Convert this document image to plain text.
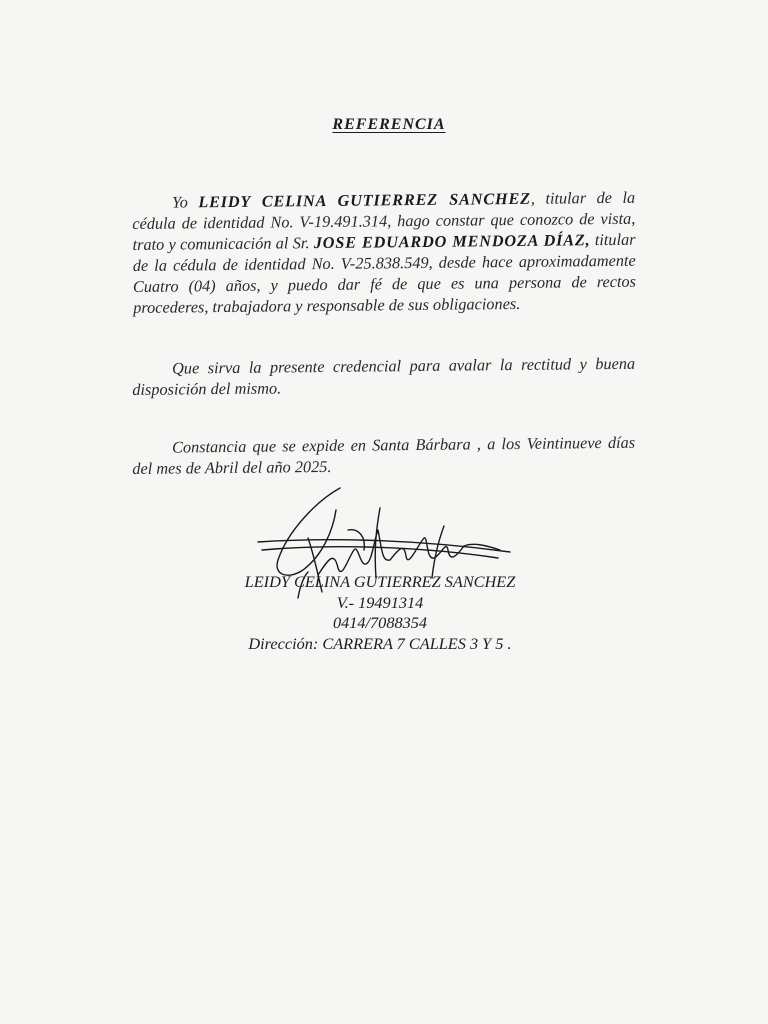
REFERENCIA
Yo LEIDY CELINA GUTIERREZ SANCHEZ, titular de la cédula de identidad No. V-19.491.314, hago constar que conozco de vista, trato y comunicación al Sr. JOSE EDUARDO MENDOZA DÍAZ, titular de la cédula de identidad No. V-25.838.549, desde hace aproximadamente Cuatro (04) años, y puedo dar fé de que es una persona de rectos procederes, trabajadora y responsable de sus obligaciones.
Que sirva la presente credencial para avalar la rectitud y buena disposición del mismo.
Constancia que se expide en Santa Bárbara , a los Veintinueve días del mes de Abril del año 2025.
LEIDY CELINA GUTIERREZ SANCHEZ
V.- 19491314
0414/7088354
Dirección: CARRERA 7 CALLES 3 Y 5 .
